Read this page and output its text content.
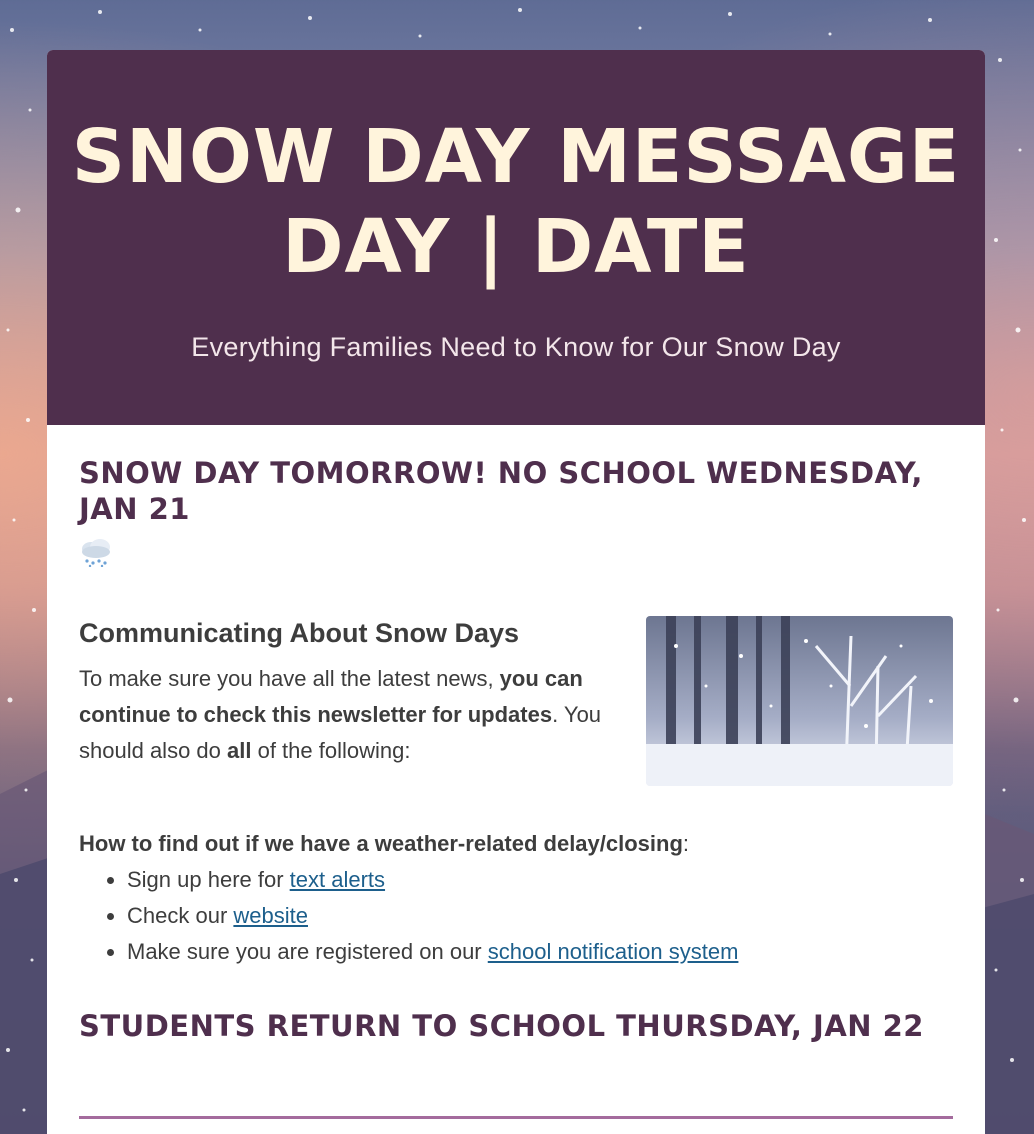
SNOW DAY MESSAGE
DAY | DATE

Everything Families Need to Know for Our Snow Day

SNOW DAY TOMORROW! NO SCHOOL WEDNESDAY, JAN 21
Communicating About Snow Days

To make sure you have all the latest news, you can continue to check this newsletter for updates. You should also do all of the following:

How to find out if we have a weather-related delay/closing:
• Sign up here for text alerts
• Check our website
• Make sure you are registered on our school notification system
STUDENTS RETURN TO SCHOOL THURSDAY, JAN 22
